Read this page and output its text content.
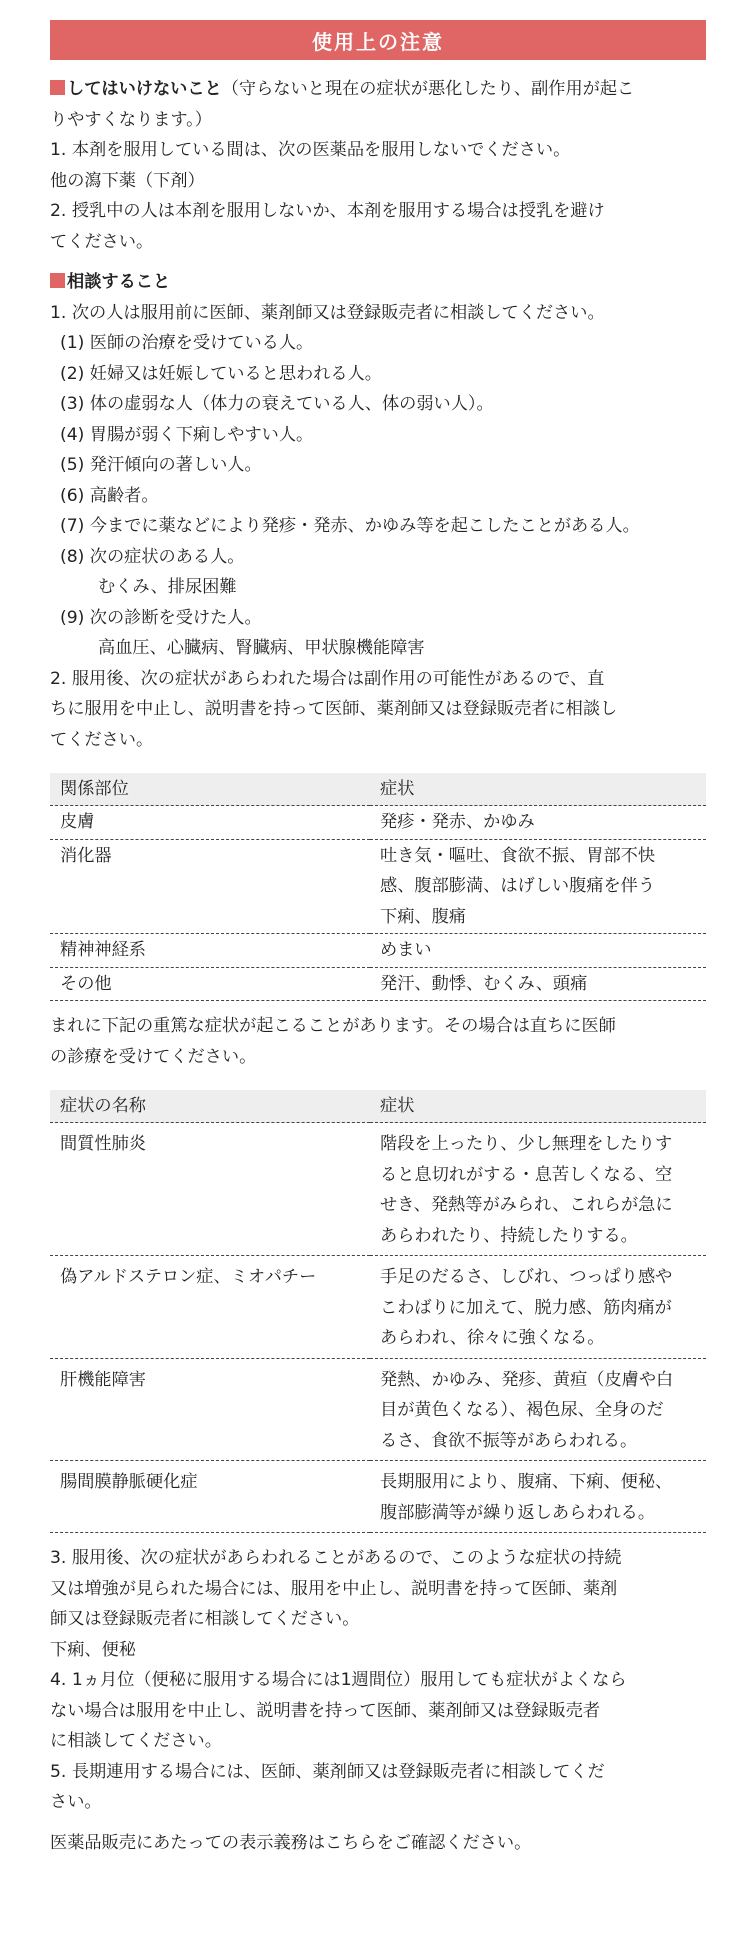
使用上の注意

してはいけないこと（守らないと現在の症状が悪化したり、副作用が起こ

りやすくなります。）

1. 本剤を服用している間は、次の医薬品を服用しないでください。

他の瀉下薬（下剤）

2. 授乳中の人は本剤を服用しないか、本剤を服用する場合は授乳を避け

てください。

相談すること

1. 次の人は服用前に医師、薬剤師又は登録販売者に相談してください。

(1) 医師の治療を受けている人。

(2) 妊婦又は妊娠していると思われる人。

(3) 体の虚弱な人（体力の衰えている人、体の弱い人）。

(4) 胃腸が弱く下痢しやすい人。

(5) 発汗傾向の著しい人。

(6) 高齢者。

(7) 今までに薬などにより発疹・発赤、かゆみ等を起こしたことがある人。

(8) 次の症状のある人。

むくみ、排尿困難

(9) 次の診断を受けた人。

高血圧、心臓病、腎臓病、甲状腺機能障害

2. 服用後、次の症状があらわれた場合は副作用の可能性があるので、直

ちに服用を中止し、説明書を持って医師、薬剤師又は登録販売者に相談し

てください。

関係部位	症状
皮膚	発疹・発赤、かゆみ

消化器	吐き気・嘔吐、食欲不振、胃部不快
感、腹部膨満、はげしい腹痛を伴う
下痢、腹痛

精神神経系	めまい

その他	発汗、動悸、むくみ、頭痛

まれに下記の重篤な症状が起こることがあります。その場合は直ちに医師

の診療を受けてください。

症状の名称	症状
間質性肺炎	階段を上ったり、少し無理をしたりす
ると息切れがする・息苦しくなる、空
せき、発熱等がみられ、これらが急に
あらわれたり、持続したりする。

偽アルドステロン症、ミオパチー	手足のだるさ、しびれ、つっぱり感や
こわばりに加えて、脱力感、筋肉痛が
あらわれ、徐々に強くなる。

肝機能障害	発熱、かゆみ、発疹、黄疸（皮膚や白
目が黄色くなる）、褐色尿、全身のだ
るさ、食欲不振等があらわれる。

腸間膜静脈硬化症	長期服用により、腹痛、下痢、便秘、
腹部膨満等が繰り返しあらわれる。

3. 服用後、次の症状があらわれることがあるので、このような症状の持続

又は増強が見られた場合には、服用を中止し、説明書を持って医師、薬剤

師又は登録販売者に相談してください。

下痢、便秘

4. 1ヵ月位（便秘に服用する場合には1週間位）服用しても症状がよくなら

ない場合は服用を中止し、説明書を持って医師、薬剤師又は登録販売者

に相談してください。

5. 長期連用する場合には、医師、薬剤師又は登録販売者に相談してくだ

さい。

医薬品販売にあたっての表示義務はこちらをご確認ください。
